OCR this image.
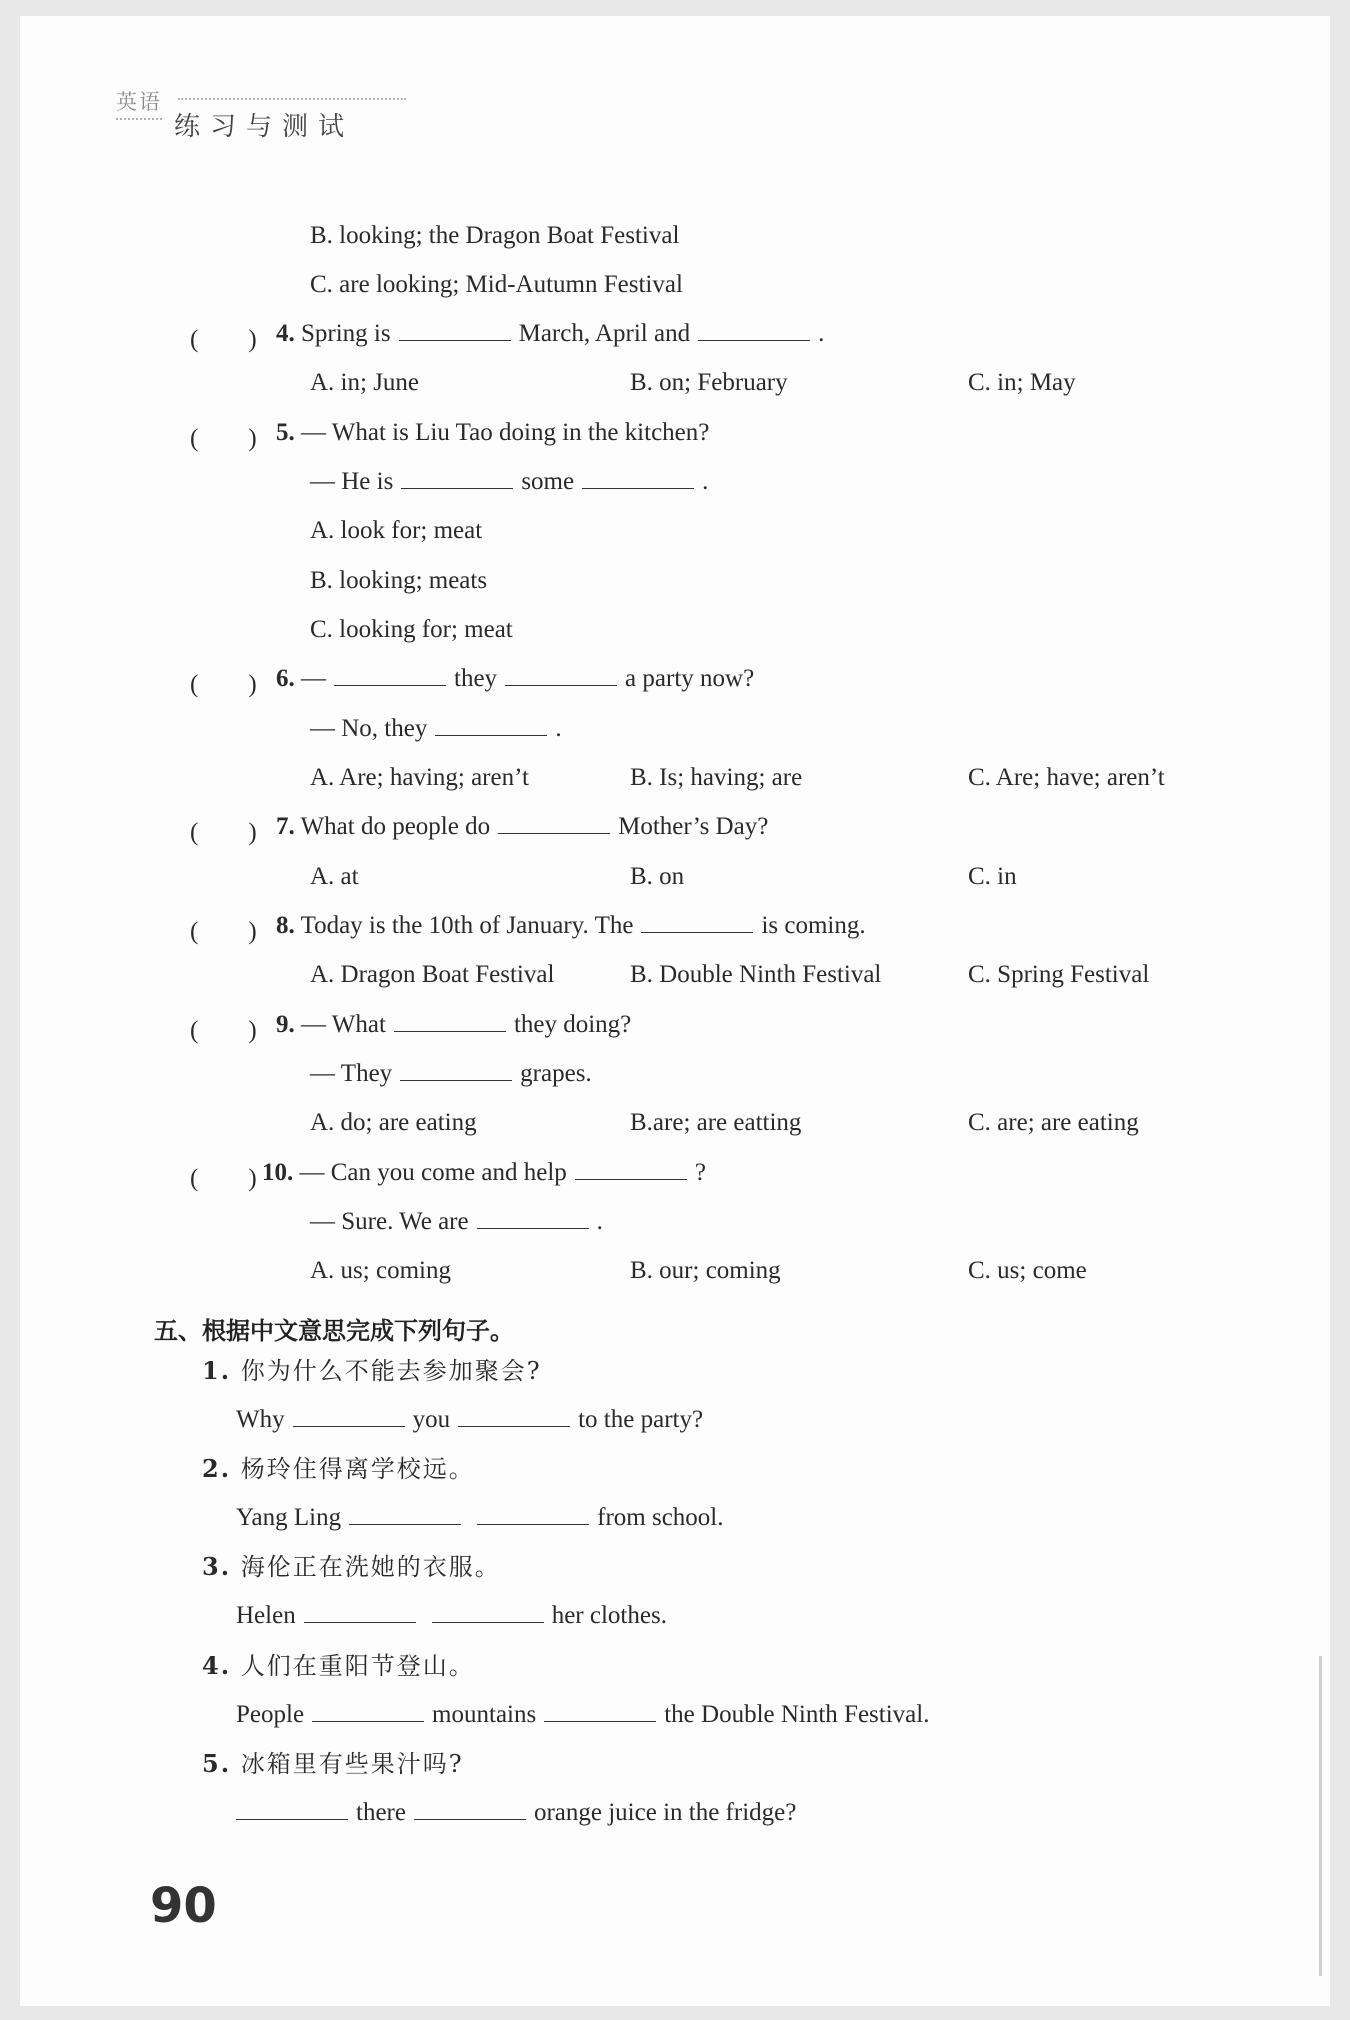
英语
练习与测试
B. looking; the Dragon Boat Festival
C. are looking; Mid-Autumn Festival
(　　) 4. Spring is	March, April and	.
A. in; June	B. on; February	C. in; May
(　　) 5. — What is Liu Tao doing in the kitchen?
— He is	some	.
A. look for; meat
B. looking; meats
C. looking for; meat
(　　) 6. —	they	a party now?
— No, they	.
A. Are; having; aren’t	B. Is; having; are	C. Are; have; aren’t
(　　) 7. What do people do	Mother’s Day?
A. at	B. on	C. in
(　　) 8. Today is the 10th of January. The	is coming.
A. Dragon Boat Festival	B. Double Ninth Festival	C. Spring Festival
(　　) 9. — What	they doing?
— They	grapes.
A. do; are eating	B.are; are eatting	C. are; are eating
(　　) 10. — Can you come and help	?
— Sure. We are	.
A. us; coming	B. our; coming	C. us; come
五、根据中文意思完成下列句子。
1. 你为什么不能去参加聚会?
Why	you	to the party?
2. 杨玲住得离学校远。
Yang Ling	from school.
3. 海伦正在洗她的衣服。
Helen	her clothes.
4. 人们在重阳节登山。
People	mountains	the Double Ninth Festival.
5. 冰箱里有些果汁吗?
there	orange juice in the fridge?
90
